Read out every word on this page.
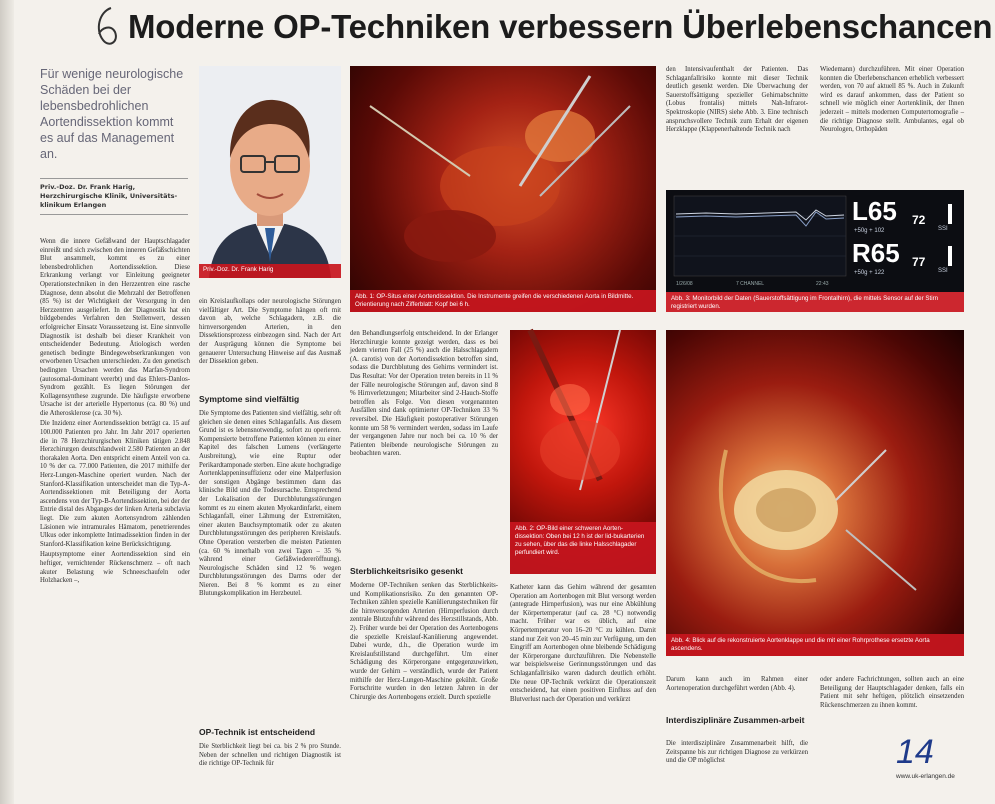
Moderne OP-Techniken verbessern Überlebenschancen
Für wenige neurologische Schäden bei der lebensbedrohlichen Aortendissektion kommt es auf das Management an.
Priv.-Doz. Dr. Frank Harig, Herzchirurgische Klinik, Universitäts-klinikum Erlangen

Wenn die innere Gefäßwand der Hauptschlagader einreißt und sich zwischen den inneren Gefäßschichten Blut ansammelt, kommt es zu einer lebensbedrohlichen Aortendissektion. Diese Erkrankung verlangt vor Einleitung geeigneter Operationstechniken in den Herzzentren eine rasche Diagnose, denn absolut die Mehrzahl der Betroffenen (85 %) ist der Wichtigkeit der Versorgung in den Herzzentren ausgeliefert. In der Diagnostik hat ein bildgebendes Verfahren den Stellenwert, dessen erfolgreicher Einsatz Voraussetzung ist. Eine sinnvolle Diagnostik ist deshalb bei dieser Krankheit von entscheidender Bedeutung. Ätiologisch werden genetisch bedingte Bindegewebserkrankungen von erworbenen Ursachen unterschieden. Zu den genetisch bedingten Ursachen werden das Marfan-Syndrom (autosomal-dominant vererbt) und das Ehlers-Danlos-Syndrom gezählt. Es liegen Störungen der Kollagensynthese zugrunde. Die häufigste erworbene Ursache ist der arterielle Hypertonus (ca. 80 %) und die Atherosklerose (ca. 30 %).

Die Inzidenz einer Aortendissektion beträgt ca. 15 auf 100.000 Patienten pro Jahr. Im Jahr 2017 operierten die in 78 Herzchirurgischen Kliniken tätigen 2.848 Herzchirurgen deutschlandweit 2.580 Patienten an der thorakalen Aorta. Den entspricht einem Anteil von ca. 10 % der ca. 77.000 Patienten, die 2017 mithilfe der Herz-Lungen-Maschine operiert wurden. Nach der Stanford-Klassifikation unterscheidet man die Typ-A-Aortendissektionen mit Beteiligung der Aorta ascendens von der Typ-B-Aortendissektion, bei der der Entrie distal des Abganges der linken Arteria subclavia liegt. Die zum akuten Aortensyndrom zählenden Läsionen wie intramurales Hämatom, penetrierendes Ulkus oder inkomplette Intimadissektion finden in der Stanford-Klassifikation keine Berücksichtigung.

Hauptsymptome einer Aortendissektion sind ein heftiger, vernichtender Rückenschmerz – oft nach akuter Belastung wie Schneeschaufeln oder Holzhacken –,

Priv.-Doz. Dr. Frank Harig
Abb. 1: OP-Situs einer Aortendissektion. Die Instrumente greifen die verschiedenen Aorta in Bildmitte. Orientierung nach Zifferblatt: Kopf bei 6 h.

ein Kreislaufkollaps oder neurologische Störungen vielfältiger Art. Die Symptome hängen oft mit davon ab, welche Schlagadern, z.B. die hirnversorgenden Arterien, in den Dissektionsprozess einbezogen sind. Nach der Art der Ausprägung können die Symptome bei genauerer Untersuchung Hinweise auf das Ausmaß der Dissektion geben.

Symptome sind vielfältig

Die Symptome des Patienten sind vielfältig, sehr oft gleichen sie denen eines Schlaganfalls. Aus diesem Grund ist es lebensnotwendig, sofort zu operieren. Kompensierte betroffene Patienten können zu einer Kapitel des falschen Lumens (verlängerte Ausbreitung), wie eine Ruptur oder Perikardtamponade sterben. Eine akute hochgradige Aortenklappeninsuffizienz oder eine Malperfusion der sonstigen Abgänge bestimmen dann das klinische Bild und die Todesursache. Entsprechend der Lokalisation der Durchblutungsstörungen kommt es zu einem akuten Myokardinfarkt, einem Schlaganfall, einer Lähmung der Extremitäten, einer akuten Bauchsymptomatik oder zu akuten Durchblutungsstörungen des peripheren Kreislaufs. Ohne Operation versterben die meisten Patienten (ca. 60 % innerhalb von zwei Tagen – 35 % während einer Gefäßwiedereröffnung). Neurologische Schäden sind 12 % wegen Durchblutungsstörungen des Darms oder der Nieren. Bei 8 % kommt es zu einer Blutungskomplikation im Herzbeutel.

OP-Technik ist entscheidend

Die Sterblichkeit liegt bei ca. bis 2 % pro Stunde. Neben der schnellen und richtigen Diagnostik ist die richtige OP-Technik für

den Behandlungserfolg entscheidend. In der Erlanger Herzchirurgie konnte gezeigt werden, dass es bei jedem vierten Fall (25 %) auch die Halsschlagadern (A. carotis) von der Aortendissektion betroffen sind, sodass die Durchblutung des Gehirns vermindert ist. Das Resultat: Vor der Operation treten bereits in 11 % der Fälle neurologische Störungen auf, davon sind 8 % Hirnverletzungen; Mitarbeiter sind 2-Hauch-Stoffe betroffen als Folge. Von diesen vorgenannten Ausfällen sind dank optimierter OP-Techniken 33 % reversibel. Die Häufigkeit postoperativer Störungen konnte um 58 % vermindert werden, sodass im Laufe der vergangenen Jahre nur noch bei ca. 10 % der Patienten bleibende neurologische Störungen zu beobachten waren.

Sterblichkeitsrisiko gesenkt

Moderne OP-Techniken senken das Sterblichkeits- und Komplikationsrisiko. Zu den genannten OP-Techniken zählen spezielle Kanülierungstechniken für die hirnversorgenden Arterien (Hirnperfusion durch zentrale Blutzufuhr während des Herzstillstands, Abb. 2). Früher wurde bei der Operation des Aortenbogens die spezielle Kreislauf-Kanülierung angewendet. Dabei wurde, d.h., die Operation wurde im Kreislaufstillstand durchgeführt. Um einer Schädigung des Körperorgane entgegenzuwirken, wurde der Gehirn – verständlich, wurde der Patient mithilfe der Herz-Lungen-Maschine gekühlt. Große Fortschritte wurden in den letzten Jahren in der Chirurgie des Aortenbogens erzielt. Durch spezielle

Abb. 2: OP-Bild einer schweren Aorten-dissektion: Oben bei 12 h ist der lid-bukarterien zu sehen, über das die linke Halsschlagader perfundiert wird.

den Intensivaufenthalt der Patienten. Das Schlaganfallrisiko konnte mit dieser Technik deutlich gesenkt werden. Die Überwachung der Sauerstoffsättigung spezieller Gehirnabschnitte (Lobus frontalis) mittels Nah-Infrarot-Spektroskopie (NIRS) siehe Abb. 3. Eine technisch anspruchsvollere Technik zum Erhalt der eigenen Herzklappe (Klappenerhaltende Technik nach

Wiedemann) durchzuführen. Mit einer Operation konnten die Überlebenschancen erheblich verbessert werden, von 70 auf aktuell 85 %. Auch in Zukunft wird es darauf ankommen, dass der Patient so schnell wie möglich einer Aortenklinik, der Ihnen jederzeit – mittels modernen Computertomografie – die richtige Diagnose stellt. Ambulantes, egal ob Neurologen, Orthopäden

L65 72
+50g + 102	SSI
R65 77
+50g + 122	SSI
1/26/08	7 CHANNEL	22:43
Abb. 3: Monitorbild der Daten (Sauerstoffsättigung im Frontalhirn), die mittels Sensor auf der Stirn registriert wurden.
Abb. 4: Blick auf die rekonstruierte Aortenklappe und die mit einer Rohrprothese ersetzte Aorta ascendens.

Katheter kann das Gehirn während der gesamten Operation am Aortenbogen mit Blut versorgt werden (antegrade Hirnperfusion), was nur eine Abkühlung der Körpertemperatur (auf ca. 28 °C) notwendig macht. Früher war es üblich, auf eine Körpertemperatur von 16–20 °C zu kühlen. Damit stand nur Zeit von 20–45 min zur Verfügung, um den Eingriff am Aortenbogen ohne bleibende Schädigung der Körperorgane durchzuführen. Die Nebenstelle war beispielsweise Gerinnungsstörungen und das Schlaganfallrisiko waren dadurch deutlich erhöht. Die neue OP-Technik verkürzt die Operationszeit entscheidend, hat einen positiven Einfluss auf den Blutverlust nach der Operation und verkürzt

Darum kann auch im Rahmen einer Aortenoperation durchgeführt werden (Abb. 4).

Interdisziplinäre Zusammen-arbeit

Die interdisziplinäre Zusammenarbeit hilft, die Zeitspanne bis zur richtigen Diagnose zu verkürzen und die OP möglichst

oder andere Fachrichtungen, sollten auch an eine Beteiligung der Hauptschlagader denken, falls ein Patient mit sehr heftigen, plötzlich einsetzenden Rückenschmerzen zu ihnen kommt.

14
www.uk-erlangen.de
